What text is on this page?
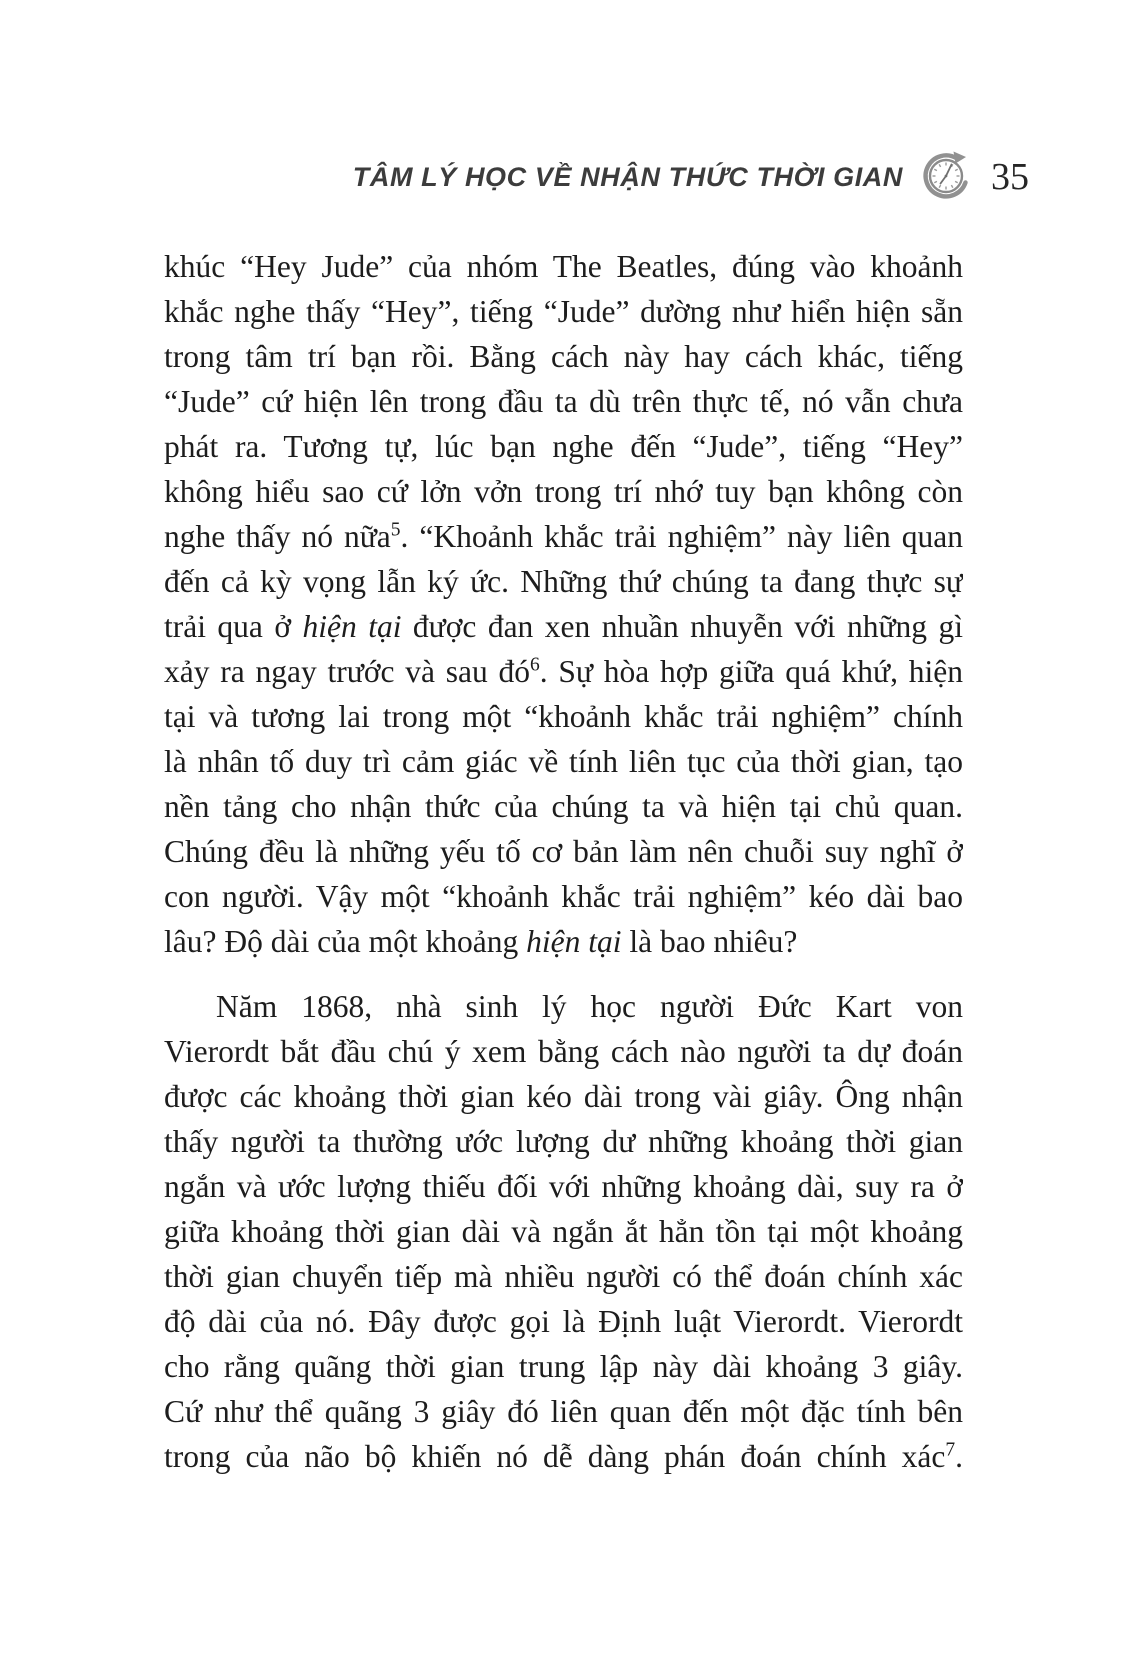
TÂM LÝ HỌC VỀ NHẬN THỨC THỜI GIAN 35
khúc “Hey Jude” của nhóm The Beatles, đúng vào khoảnh
khắc nghe thấy “Hey”, tiếng “Jude” dường như hiển hiện sẵn
trong tâm trí bạn rồi. Bằng cách này hay cách khác, tiếng
“Jude” cứ hiện lên trong đầu ta dù trên thực tế, nó vẫn chưa
phát ra. Tương tự, lúc bạn nghe đến “Jude”, tiếng “Hey”
không hiểu sao cứ lởn vởn trong trí nhớ tuy bạn không còn
nghe thấy nó nữa$^5$. “Khoảnh khắc trải nghiệm” này liên quan
đến cả kỳ vọng lẫn ký ức. Những thứ chúng ta đang thực sự
trải qua ở hiện tại được đan xen nhuần nhuyễn với những gì
xảy ra ngay trước và sau $đó^6$. Sự hòa hợp giữa quá khứ, hiện
tại và tương lai trong một “khoảnh khắc trải nghiệm” chính
là nhân tố duy trì cảm giác về tính liên tục của thời gian, tạo
nền tảng cho nhận thức của chúng ta và hiện tại chủ quan.
Chúng đều là những yếu tố cơ bản làm nên chuỗi suy nghĩ ở
con người. Vậy một “khoảnh khắc trải nghiệm” kéo dài bao
lâu? Độ dài của một khoảng hiện tại là bao nhiêu?
Năm 1868, nhà sinh lý học người Đức Kart von
Vierordt bắt đầu chú ý xem bằng cách nào người ta dự đoán
được các khoảng thời gian kéo dài trong vài giây. Ông nhận
thấy người ta thường ước lượng dư những khoảng thời gian
ngắn và ước lượng thiếu đối với những khoảng dài, suy ra ở
giữa khoảng thời gian dài và ngắn ắt hẳn tồn tại một khoảng
thời gian chuyển tiếp mà nhiều người có thể đoán chính xác
độ dài của nó. Đây được gọi là Định luật Vierordt. Vierordt
cho rằng quãng thời gian trung lập này dài khoảng 3 giây.
Cứ như thể quãng 3 giây đó liên quan đến một đặc tính bên
trong của não bộ khiến nó dễ dàng phán đoán chính xác$^7$.
